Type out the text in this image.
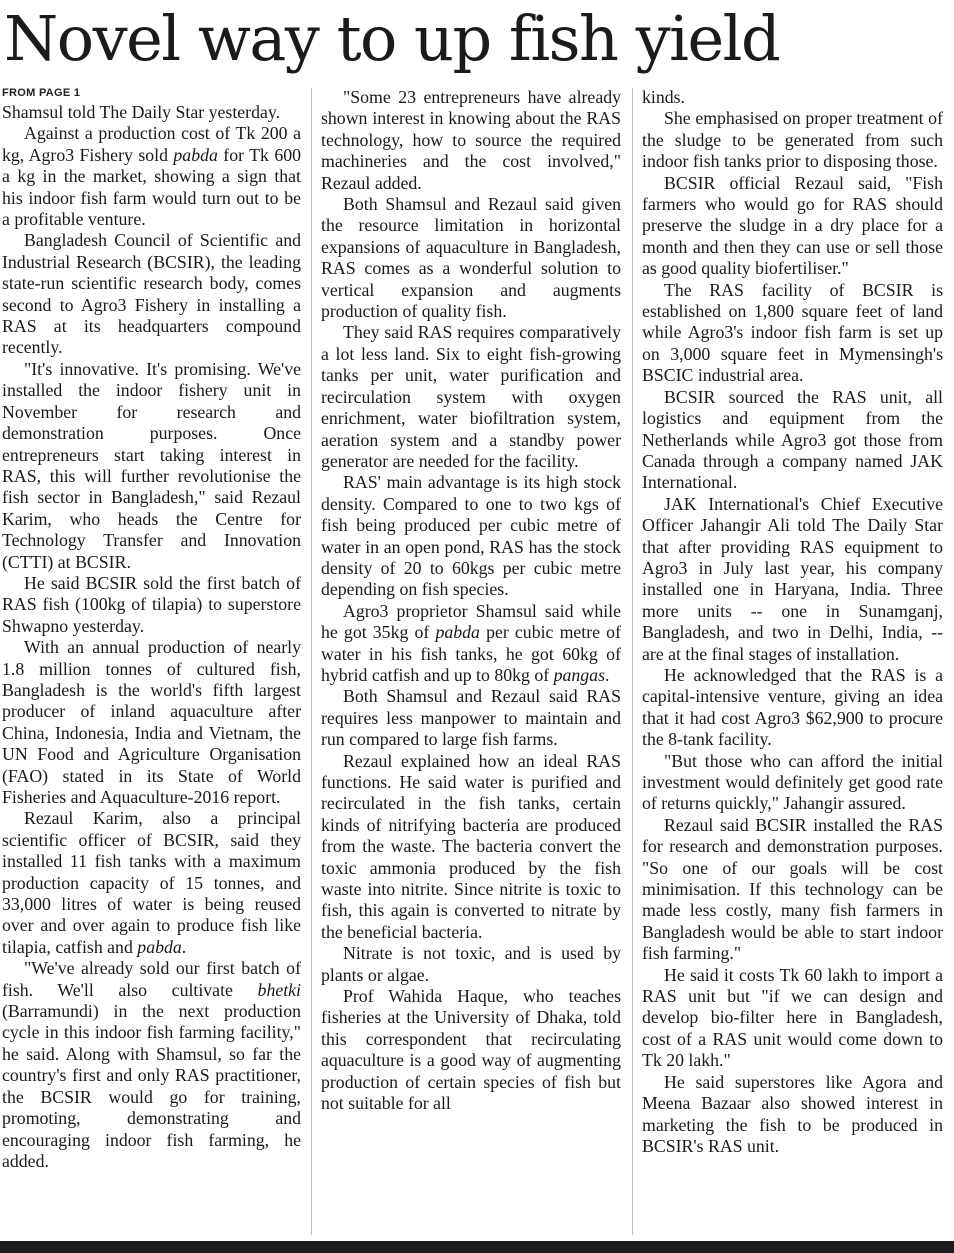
Novel way to up fish yield
FROM PAGE 1

Shamsul told The Daily Star yesterday.

Against a production cost of Tk 200 a kg, Agro3 Fishery sold pabda for Tk 600 a kg in the market, showing a sign that his indoor fish farm would turn out to be a profitable venture.

Bangladesh Council of Scientific and Industrial Research (BCSIR), the leading state-run scientific research body, comes second to Agro3 Fishery in installing a RAS at its headquarters compound recently.

"It's innovative. It's promising. We've installed the indoor fishery unit in November for research and demonstration purposes. Once entrepreneurs start taking interest in RAS, this will further revolutionise the fish sector in Bangladesh," said Rezaul Karim, who heads the Centre for Technology Transfer and Innovation (CTTI) at BCSIR.

He said BCSIR sold the first batch of RAS fish (100kg of tilapia) to superstore Shwapno yesterday.

With an annual production of nearly 1.8 million tonnes of cultured fish, Bangladesh is the world's fifth largest producer of inland aquaculture after China, Indonesia, India and Vietnam, the UN Food and Agriculture Organisation (FAO) stated in its State of World Fisheries and Aquaculture-2016 report.

Rezaul Karim, also a principal scientific officer of BCSIR, said they installed 11 fish tanks with a maximum production capacity of 15 tonnes, and 33,000 litres of water is being reused over and over again to produce fish like tilapia, catfish and pabda.

"We've already sold our first batch of fish. We'll also cultivate bhetki (Barramundi) in the next production cycle in this indoor fish farming facility," he said. Along with Shamsul, so far the country's first and only RAS practitioner, the BCSIR would go for training, promoting, demonstrating and encouraging indoor fish farming, he added.

"Some 23 entrepreneurs have already shown interest in knowing about the RAS technology, how to source the required machineries and the cost involved," Rezaul added.

Both Shamsul and Rezaul said given the resource limitation in horizontal expansions of aquaculture in Bangladesh, RAS comes as a wonderful solution to vertical expansion and augments production of quality fish.

They said RAS requires comparatively a lot less land. Six to eight fish-growing tanks per unit, water purification and recirculation system with oxygen enrichment, water biofiltration system, aeration system and a standby power generator are needed for the facility.

RAS' main advantage is its high stock density. Compared to one to two kgs of fish being produced per cubic metre of water in an open pond, RAS has the stock density of 20 to 60kgs per cubic metre depending on fish species.

Agro3 proprietor Shamsul said while he got 35kg of pabda per cubic metre of water in his fish tanks, he got 60kg of hybrid catfish and up to 80kg of pangas.

Both Shamsul and Rezaul said RAS requires less manpower to maintain and run compared to large fish farms.

Rezaul explained how an ideal RAS functions. He said water is purified and recirculated in the fish tanks, certain kinds of nitrifying bacteria are produced from the waste. The bacteria convert the toxic ammonia produced by the fish waste into nitrite. Since nitrite is toxic to fish, this again is converted to nitrate by the beneficial bacteria.

Nitrate is not toxic, and is used by plants or algae.

Prof Wahida Haque, who teaches fisheries at the University of Dhaka, told this correspondent that recirculating aquaculture is a good way of augmenting production of certain species of fish but not suitable for all

kinds.

She emphasised on proper treatment of the sludge to be generated from such indoor fish tanks prior to disposing those.

BCSIR official Rezaul said, "Fish farmers who would go for RAS should preserve the sludge in a dry place for a month and then they can use or sell those as good quality biofertiliser."

The RAS facility of BCSIR is established on 1,800 square feet of land while Agro3's indoor fish farm is set up on 3,000 square feet in Mymensingh's BSCIC industrial area.

BCSIR sourced the RAS unit, all logistics and equipment from the Netherlands while Agro3 got those from Canada through a company named JAK International.

JAK International's Chief Executive Officer Jahangir Ali told The Daily Star that after providing RAS equipment to Agro3 in July last year, his company installed one in Haryana, India. Three more units -- one in Sunamganj, Bangladesh, and two in Delhi, India, -- are at the final stages of installation.

He acknowledged that the RAS is a capital-intensive venture, giving an idea that it had cost Agro3 $62,900 to procure the 8-tank facility.

"But those who can afford the initial investment would definitely get good rate of returns quickly," Jahangir assured.

Rezaul said BCSIR installed the RAS for research and demonstration purposes. "So one of our goals will be cost minimisation. If this technology can be made less costly, many fish farmers in Bangladesh would be able to start indoor fish farming."

He said it costs Tk 60 lakh to import a RAS unit but "if we can design and develop bio-filter here in Bangladesh, cost of a RAS unit would come down to Tk 20 lakh."

He said superstores like Agora and Meena Bazaar also showed interest in marketing the fish to be produced in BCSIR's RAS unit.
